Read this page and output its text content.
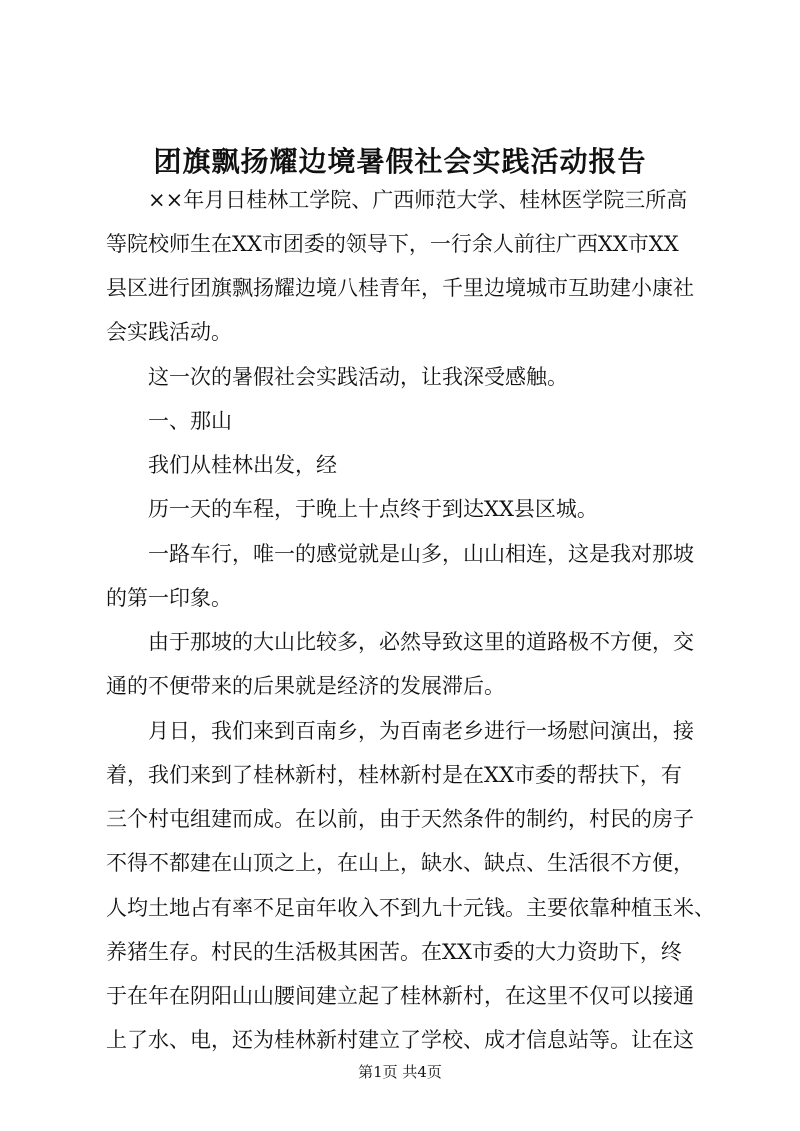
团旗飘扬耀边境暑假社会实践活动报告
××年月日桂林工学院、广西师范大学、桂林医学院三所高
等院校师生在XX市团委的领导下，一行余人前往广西XX市XX
县区进行团旗飘扬耀边境八桂青年，千里边境城市互助建小康社
会实践活动。
这一次的暑假社会实践活动，让我深受感触。
一、那山
我们从桂林出发，经
历一天的车程，于晚上十点终于到达XX县区城。
一路车行，唯一的感觉就是山多，山山相连，这是我对那坡
的第一印象。
由于那坡的大山比较多，必然导致这里的道路极不方便，交
通的不便带来的后果就是经济的发展滞后。
月日，我们来到百南乡，为百南老乡进行一场慰问演出，接
着，我们来到了桂林新村，桂林新村是在XX市委的帮扶下，有
三个村屯组建而成。在以前，由于天然条件的制约，村民的房子
不得不都建在山顶之上，在山上，缺水、缺点、生活很不方便，
人均土地占有率不足亩年收入不到九十元钱。主要依靠种植玉米、
养猪生存。村民的生活极其困苦。在XX市委的大力资助下，终
于在年在阴阳山山腰间建立起了桂林新村，在这里不仅可以接通
上了水、电，还为桂林新村建立了学校、成才信息站等。让在这
第1页 共4页
